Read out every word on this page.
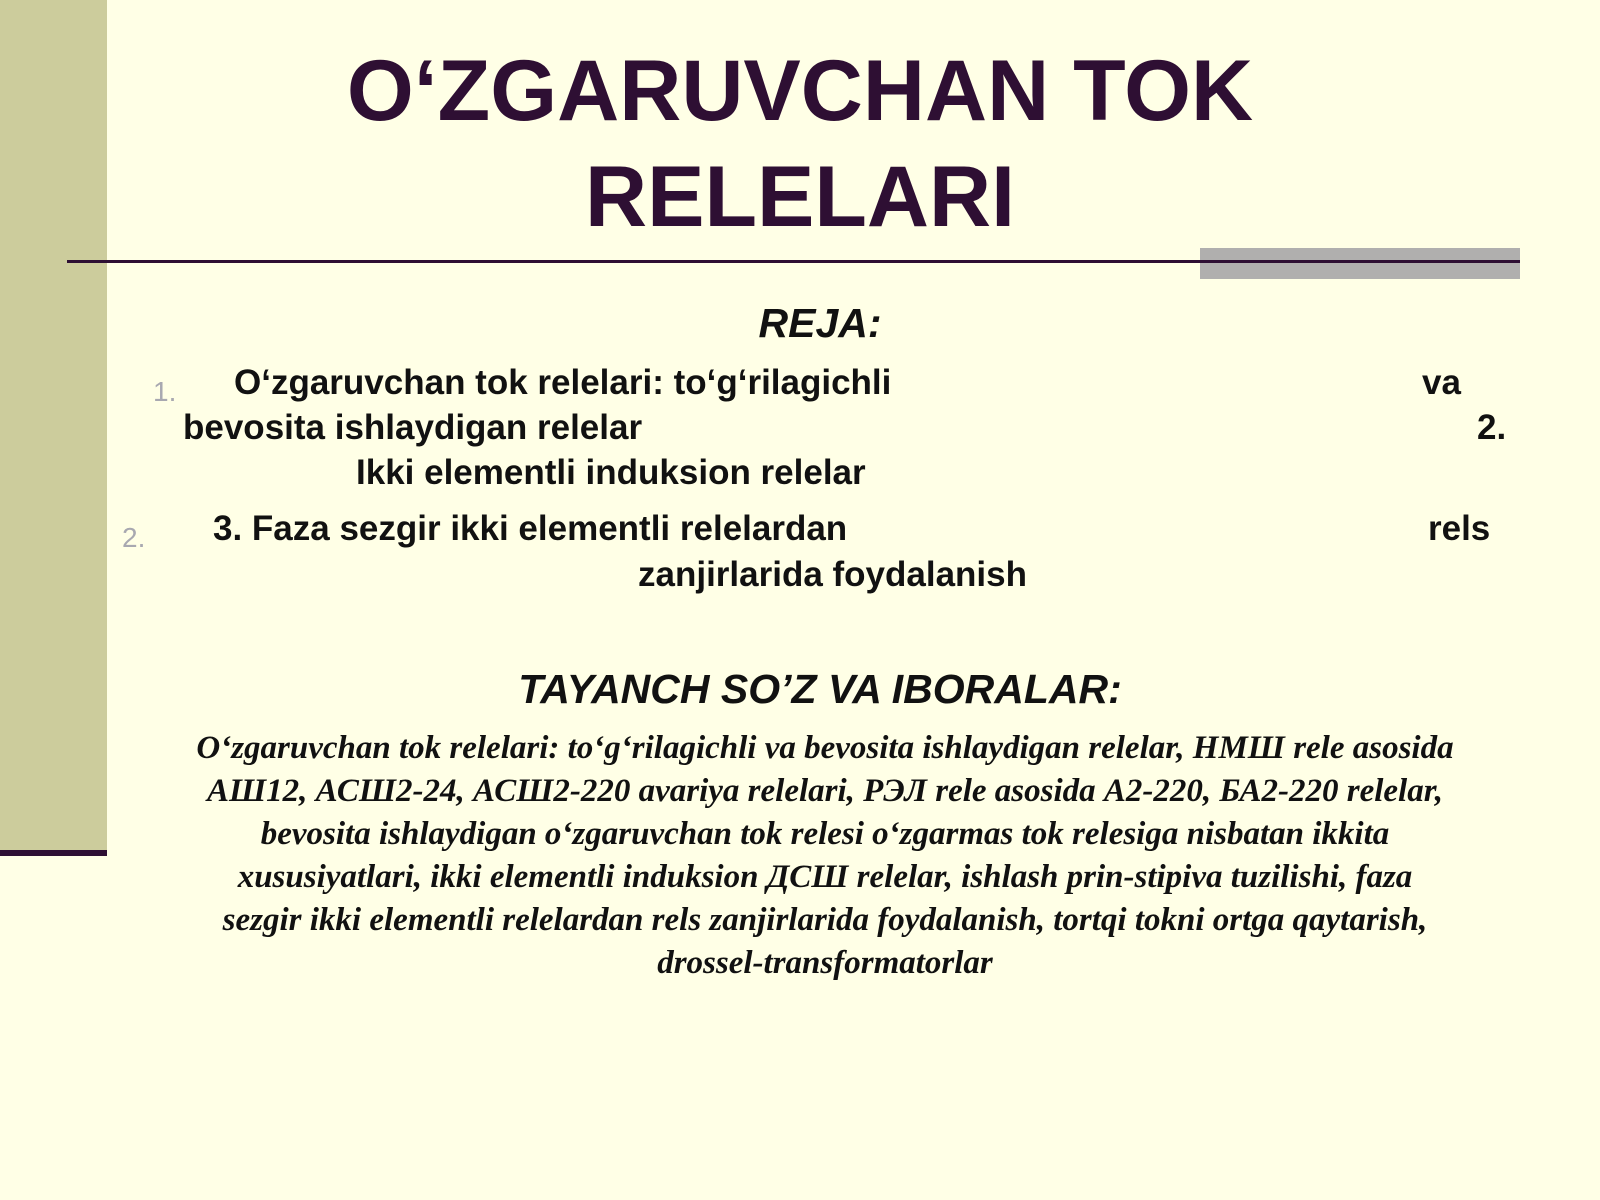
O‘ZGARUVCHAN TOK
RELELARI
REJA:
1. O‘zgaruvchan tok relelari: to‘g‘rilagichli	va
bevosita ishlaydigan relelar	2.
Ikki elementli induksion relelar
2. 3. Faza sezgir ikki elementli relelardan	rels
zanjirlarida foydalanish
TAYANCH SO’Z VA IBORALAR:

O‘zgaruvchan tok relelari: to‘g‘rilagichli va bevosita ishlaydigan relelar, НМШ rele asosida
АШ12, АСШ2-24, АСШ2-220 avariya relelari, РЭЛ rele asosida А2-220, БА2-220 relelar,
bevosita ishlaydigan o‘zgaruvchan tok relesi o‘zgarmas tok relesiga nisbatan ikkita
xususiyatlari, ikki elementli induksion ДСШ relelar, ishlash prin-stipiva tuzilishi, faza
sezgir ikki elementli relelardan rels zanjirlarida foydalanish, tortqi tokni ortga qaytarish,
drossel-transformatorlar
